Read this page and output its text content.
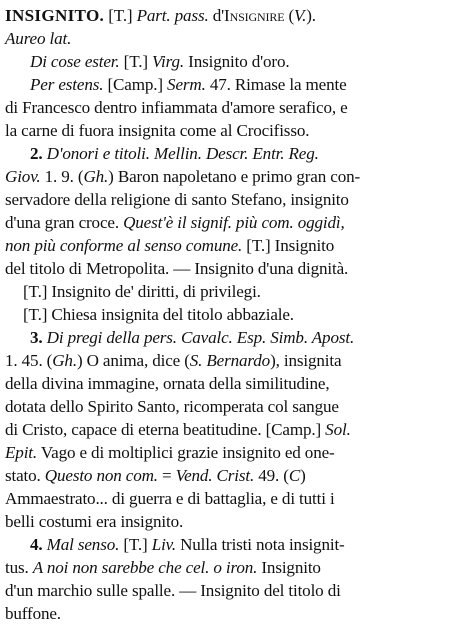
INSIGNITO. [T.] Part. pass. d'Insignire (V.).
Aureo lat.
Di cose ester. [T.] Virg. Insignito d'oro.
Per estens. [Camp.] Serm. 47. Rimase la mente
di Francesco dentro infiammata d'amore serafico, e
la carne di fuora insignita come al Crocifisso.
2. D'onori e titoli. Mellin. Descr. Entr. Reg.
Giov. 1. 9. (Gh.) Baron napoletano e primo gran con-
servadore della religione di santo Stefano, insignito
d'una gran croce. Quest'è il signif. più com. oggidì,
non più conforme al senso comune. [T.] Insignito
del titolo di Metropolita. — Insignito d'una dignità.
[T.] Insignito de' diritti, di privilegi.
[T.] Chiesa insignita del titolo abbaziale.
3. Di pregi della pers. Cavalc. Esp. Simb. Apost.
1. 45. (Gh.) O anima, dice (S. Bernardo), insignita
della divina immagine, ornata della similitudine,
dotata dello Spirito Santo, ricomperata col sangue
di Cristo, capace di eterna beatitudine. [Camp.] Sol.
Epit. Vago e di moltiplici grazie insignito ed one-
stato. Questo non com. = Vend. Crist. 49. (C)
Ammaestrato... di guerra e di battaglia, e di tutti i
belli costumi era insignito.
4. Mal senso. [T.] Liv. Nulla tristi nota insignit-
tus. A noi non sarebbe che cel. o iron. Insignito
d'un marchio sulle spalle. — Insignito del titolo di
buffone.
